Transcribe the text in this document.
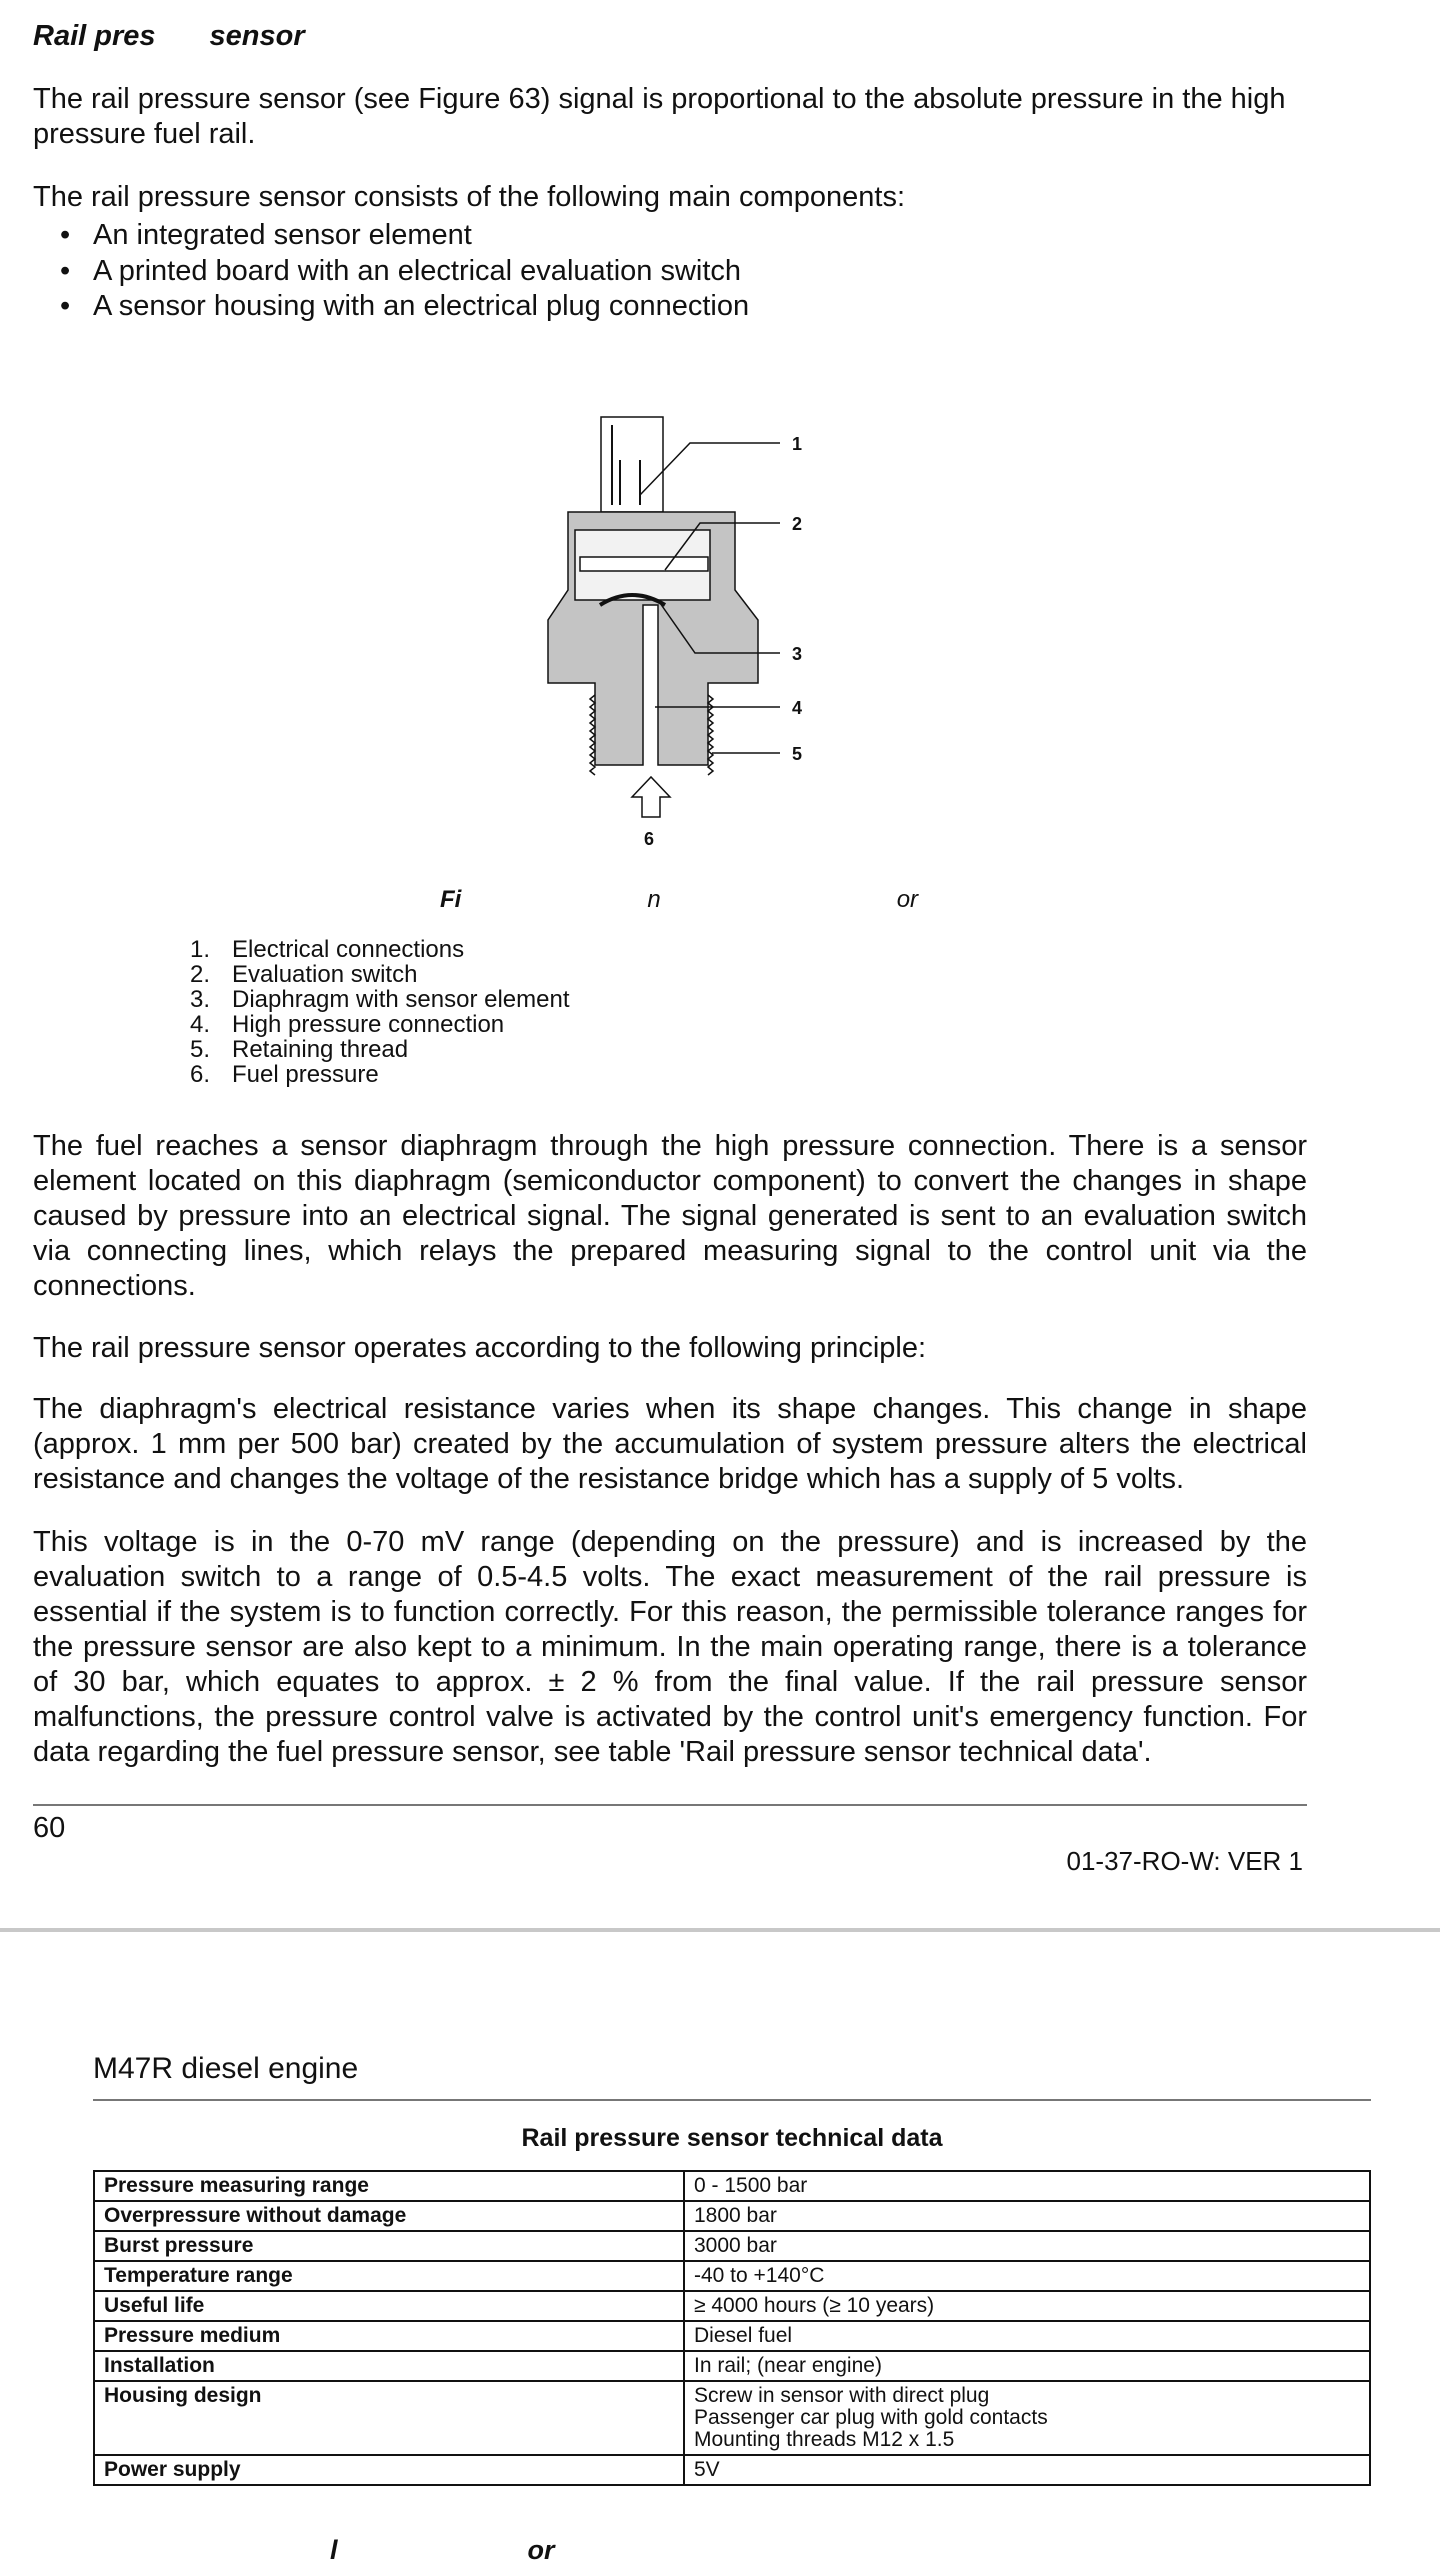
Rail pres sensor

The rail pressure sensor (see Figure 63) signal is proportional to the absolute pressure in the high pressure fuel rail.

The rail pressure sensor consists of the following main components:

• An integrated sensor element
• A printed board with an electrical evaluation switch
• A sensor housing with an electrical plug connection
1
2
3
4
5
6
Fi	n	or
1. Electrical connections
2. Evaluation switch
3. Diaphragm with sensor element
4. High pressure connection
5. Retaining thread
6. Fuel pressure

The fuel reaches a sensor diaphragm through the high pressure connection. There is a sensor element located on this diaphragm (semiconductor component) to convert the changes in shape caused by pressure into an electrical signal. The signal generated is sent to an evaluation switch via connecting lines, which relays the prepared measuring signal to the control unit via the connections.

The rail pressure sensor operates according to the following principle:

The diaphragm's electrical resistance varies when its shape changes. This change in shape (approx. 1 mm per 500 bar) created by the accumulation of system pressure alters the electrical resistance and changes the voltage of the resistance bridge which has a supply of 5 volts.

This voltage is in the 0-70 mV range (depending on the pressure) and is increased by the evaluation switch to a range of 0.5-4.5 volts. The exact measurement of the rail pressure is essential if the system is to function correctly. For this reason, the permissible tolerance ranges for the pressure sensor are also kept to a minimum. In the main operating range, there is a tolerance of 30 bar, which equates to approx. ± 2 % from the final value. If the rail pressure sensor malfunctions, the pressure control valve is activated by the control unit's emergency function. For data regarding the fuel pressure sensor, see table 'Rail pressure sensor technical data'.

60
01-37-RO-W: VER 1
M47R diesel engine
Rail pressure sensor technical data
Pressure measuring range	0 - 1500 bar
Overpressure without damage	1800 bar
Burst pressure	3000 bar
Temperature range	-40 to +140°C
Useful life	≥ 4000 hours (≥ 10 years)
Pressure medium	Diesel fuel
Installation	In rail; (near engine)
Housing design	Screw in sensor with direct plug
Passenger car plug with gold contacts
Mounting threads M12 x 1.5
Power supply	5V
l	or
